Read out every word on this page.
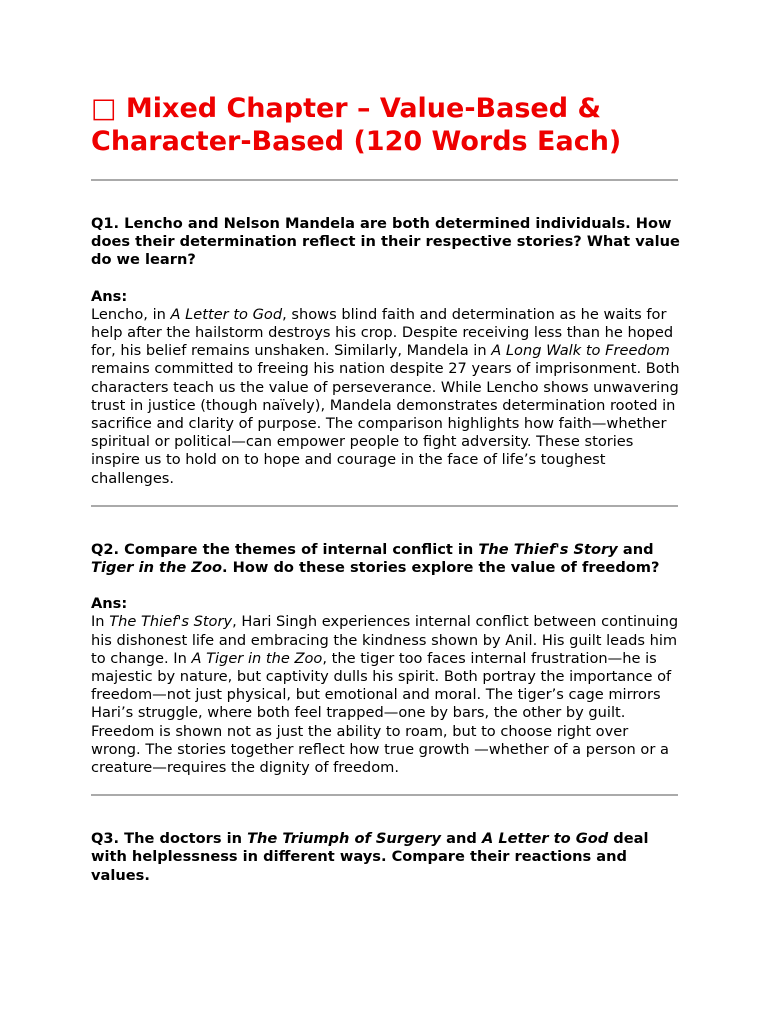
□ Mixed Chapter – Value-Based & Character-Based (120 Words Each)

Q1. Lencho and Nelson Mandela are both determined individuals. How does their determination reflect in their respective stories? What value do we learn?

Ans:

Lencho, in A Letter to God, shows blind faith and determination as he waits for help after the hailstorm destroys his crop. Despite receiving less than he hoped for, his belief remains unshaken. Similarly, Mandela in A Long Walk to Freedom remains committed to freeing his nation despite 27 years of imprisonment. Both characters teach us the value of perseverance. While Lencho shows unwavering trust in justice (though naïvely), Mandela demonstrates determination rooted in sacrifice and clarity of purpose. The comparison highlights how faith—whether spiritual or political—can empower people to fight adversity. These stories inspire us to hold on to hope and courage in the face of life’s toughest challenges.

Q2. Compare the themes of internal conflict in The Thief's Story and Tiger in the Zoo. How do these stories explore the value of freedom?

Ans:

In The Thief's Story, Hari Singh experiences internal conflict between continuing his dishonest life and embracing the kindness shown by Anil. His guilt leads him to change. In A Tiger in the Zoo, the tiger too faces internal frustration—he is majestic by nature, but captivity dulls his spirit. Both portray the importance of freedom—not just physical, but emotional and moral. The tiger’s cage mirrors Hari’s struggle, where both feel trapped—one by bars, the other by guilt. Freedom is shown not as just the ability to roam, but to choose right over wrong. The stories together reflect how true growth —whether of a person or a creature—requires the dignity of freedom.

Q3. The doctors in The Triumph of Surgery and A Letter to God deal with helplessness in different ways. Compare their reactions and values.
